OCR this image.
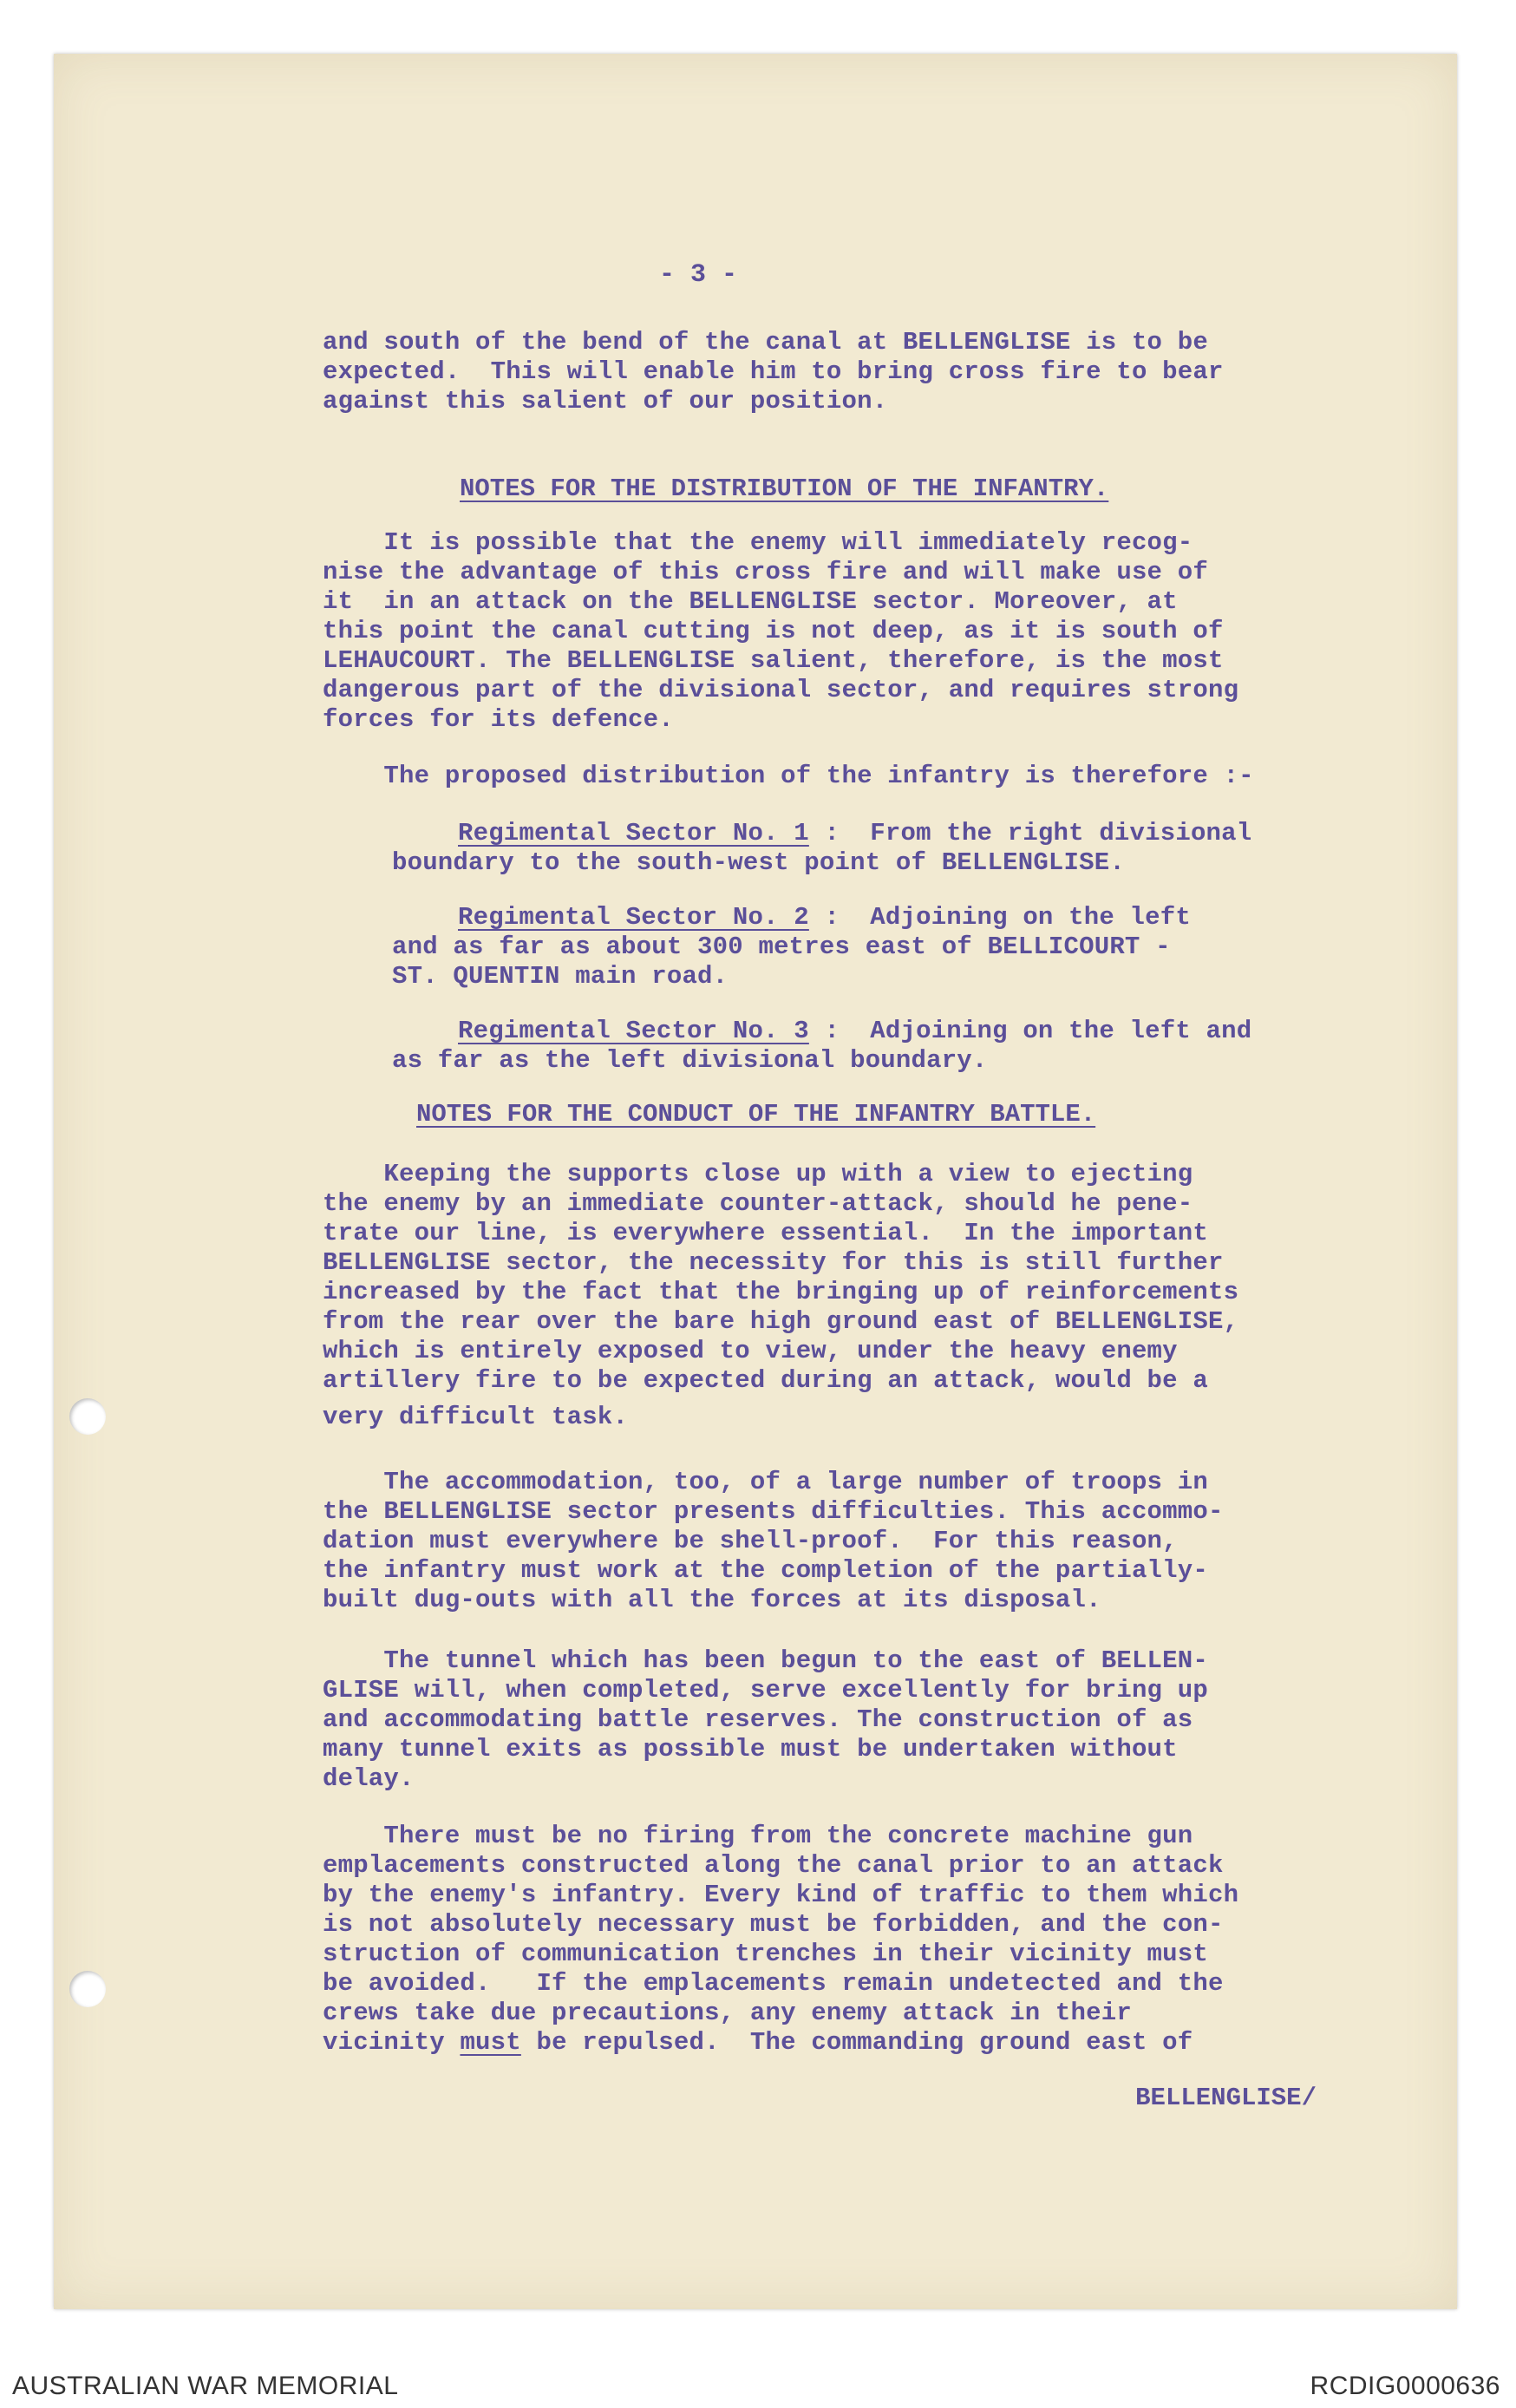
- 3 -
and south of the bend of the canal at BELLENGLISE is to be
expected.  This will enable him to bring cross fire to bear
against this salient of our position.
NOTES FOR THE DISTRIBUTION OF THE INFANTRY.
It is possible that the enemy will immediately recog-
nise the advantage of this cross fire and will make use of
it  in an attack on the BELLENGLISE sector. Moreover, at
this point the canal cutting is not deep, as it is south of
LEHAUCOURT. The BELLENGLISE salient, therefore, is the most
dangerous part of the divisional sector, and requires strong
forces for its defence.
The proposed distribution of the infantry is therefore :-
Regimental Sector No. 1 :  From the right divisional
boundary to the south-west point of BELLENGLISE.
Regimental Sector No. 2 :  Adjoining on the left
and as far as about 300 metres east of BELLICOURT -
ST. QUENTIN main road.
Regimental Sector No. 3 :  Adjoining on the left and
as far as the left divisional boundary.
NOTES FOR THE CONDUCT OF THE INFANTRY BATTLE.
Keeping the supports close up with a view to ejecting
the enemy by an immediate counter-attack, should he pene-
trate our line, is everywhere essential.  In the important
BELLENGLISE sector, the necessity for this is still further
increased by the fact that the bringing up of reinforcements
from the rear over the bare high ground east of BELLENGLISE,
which is entirely exposed to view, under the heavy enemy
artillery fire to be expected during an attack, would be a
very difficult task.
The accommodation, too, of a large number of troops in
the BELLENGLISE sector presents difficulties. This accommo-
dation must everywhere be shell-proof.  For this reason,
the infantry must work at the completion of the partially-
built dug-outs with all the forces at its disposal.
The tunnel which has been begun to the east of BELLEN-
GLISE will, when completed, serve excellently for bring up
and accommodating battle reserves. The construction of as
many tunnel exits as possible must be undertaken without
delay.
There must be no firing from the concrete machine gun
emplacements constructed along the canal prior to an attack
by the enemy's infantry. Every kind of traffic to them which
is not absolutely necessary must be forbidden, and the con-
struction of communication trenches in their vicinity must
be avoided.   If the emplacements remain undetected and the
crews take due precautions, any enemy attack in their
vicinity must be repulsed.  The commanding ground east of
BELLENGLISE/
AUSTRALIAN WAR MEMORIAL	RCDIG0000636
